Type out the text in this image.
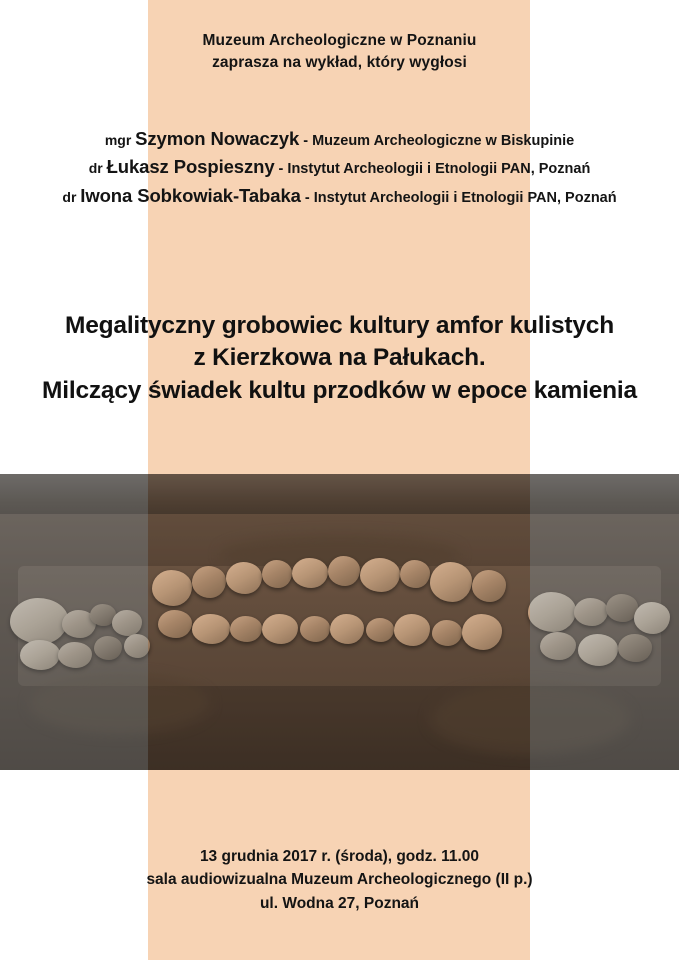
Muzeum Archeologiczne w Poznaniu
zaprasza na wykład, który wygłosi
mgr Szymon Nowaczyk - Muzeum Archeologiczne w Biskupinie
dr Łukasz Pospieszny - Instytut Archeologii i Etnologii PAN, Poznań
dr Iwona Sobkowiak-Tabaka - Instytut Archeologii i Etnologii PAN, Poznań
Megalityczny grobowiec kultury amfor kulistych
z Kierzkowa na Pałukach.
Milczący świadek kultu przodków w epoce kamienia
13 grudnia 2017 r. (środa), godz. 11.00
sala audiowizualna Muzeum Archeologicznego (II p.)
ul. Wodna 27, Poznań
